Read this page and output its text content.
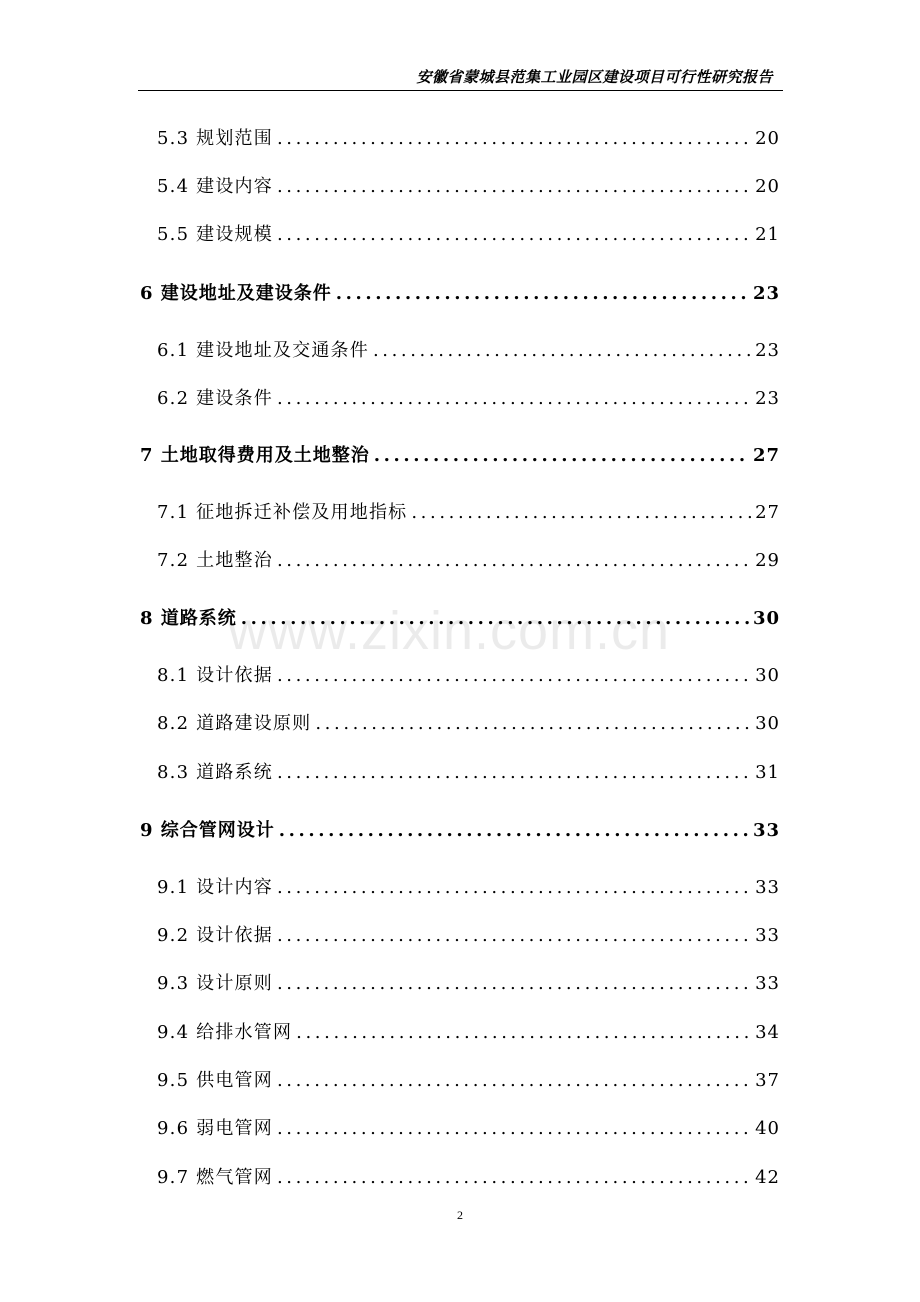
安徽省蒙城县范集工业园区建设项目可行性研究报告
www.zixin.com.cn
5.3 规划范围 .....	20
5.4 建设内容 .....	20
5.5 建设规模 .....	21
6 建设地址及建设条件 .....	23
6.1 建设地址及交通条件 .....	23
6.2 建设条件 .....	23
7 土地取得费用及土地整治 .....	27
7.1 征地拆迁补偿及用地指标 .....	27
7.2 土地整治 .....	29
8 道路系统 .....	30
8.1 设计依据 .....	30
8.2 道路建设原则 .....	30
8.3 道路系统 .....	31
9 综合管网设计 .....	33
9.1 设计内容 .....	33
9.2 设计依据 .....	33
9.3 设计原则 .....	33
9.4 给排水管网 .....	34
9.5 供电管网 .....	37
9.6 弱电管网 .....	40
9.7 燃气管网 .....	42
2
